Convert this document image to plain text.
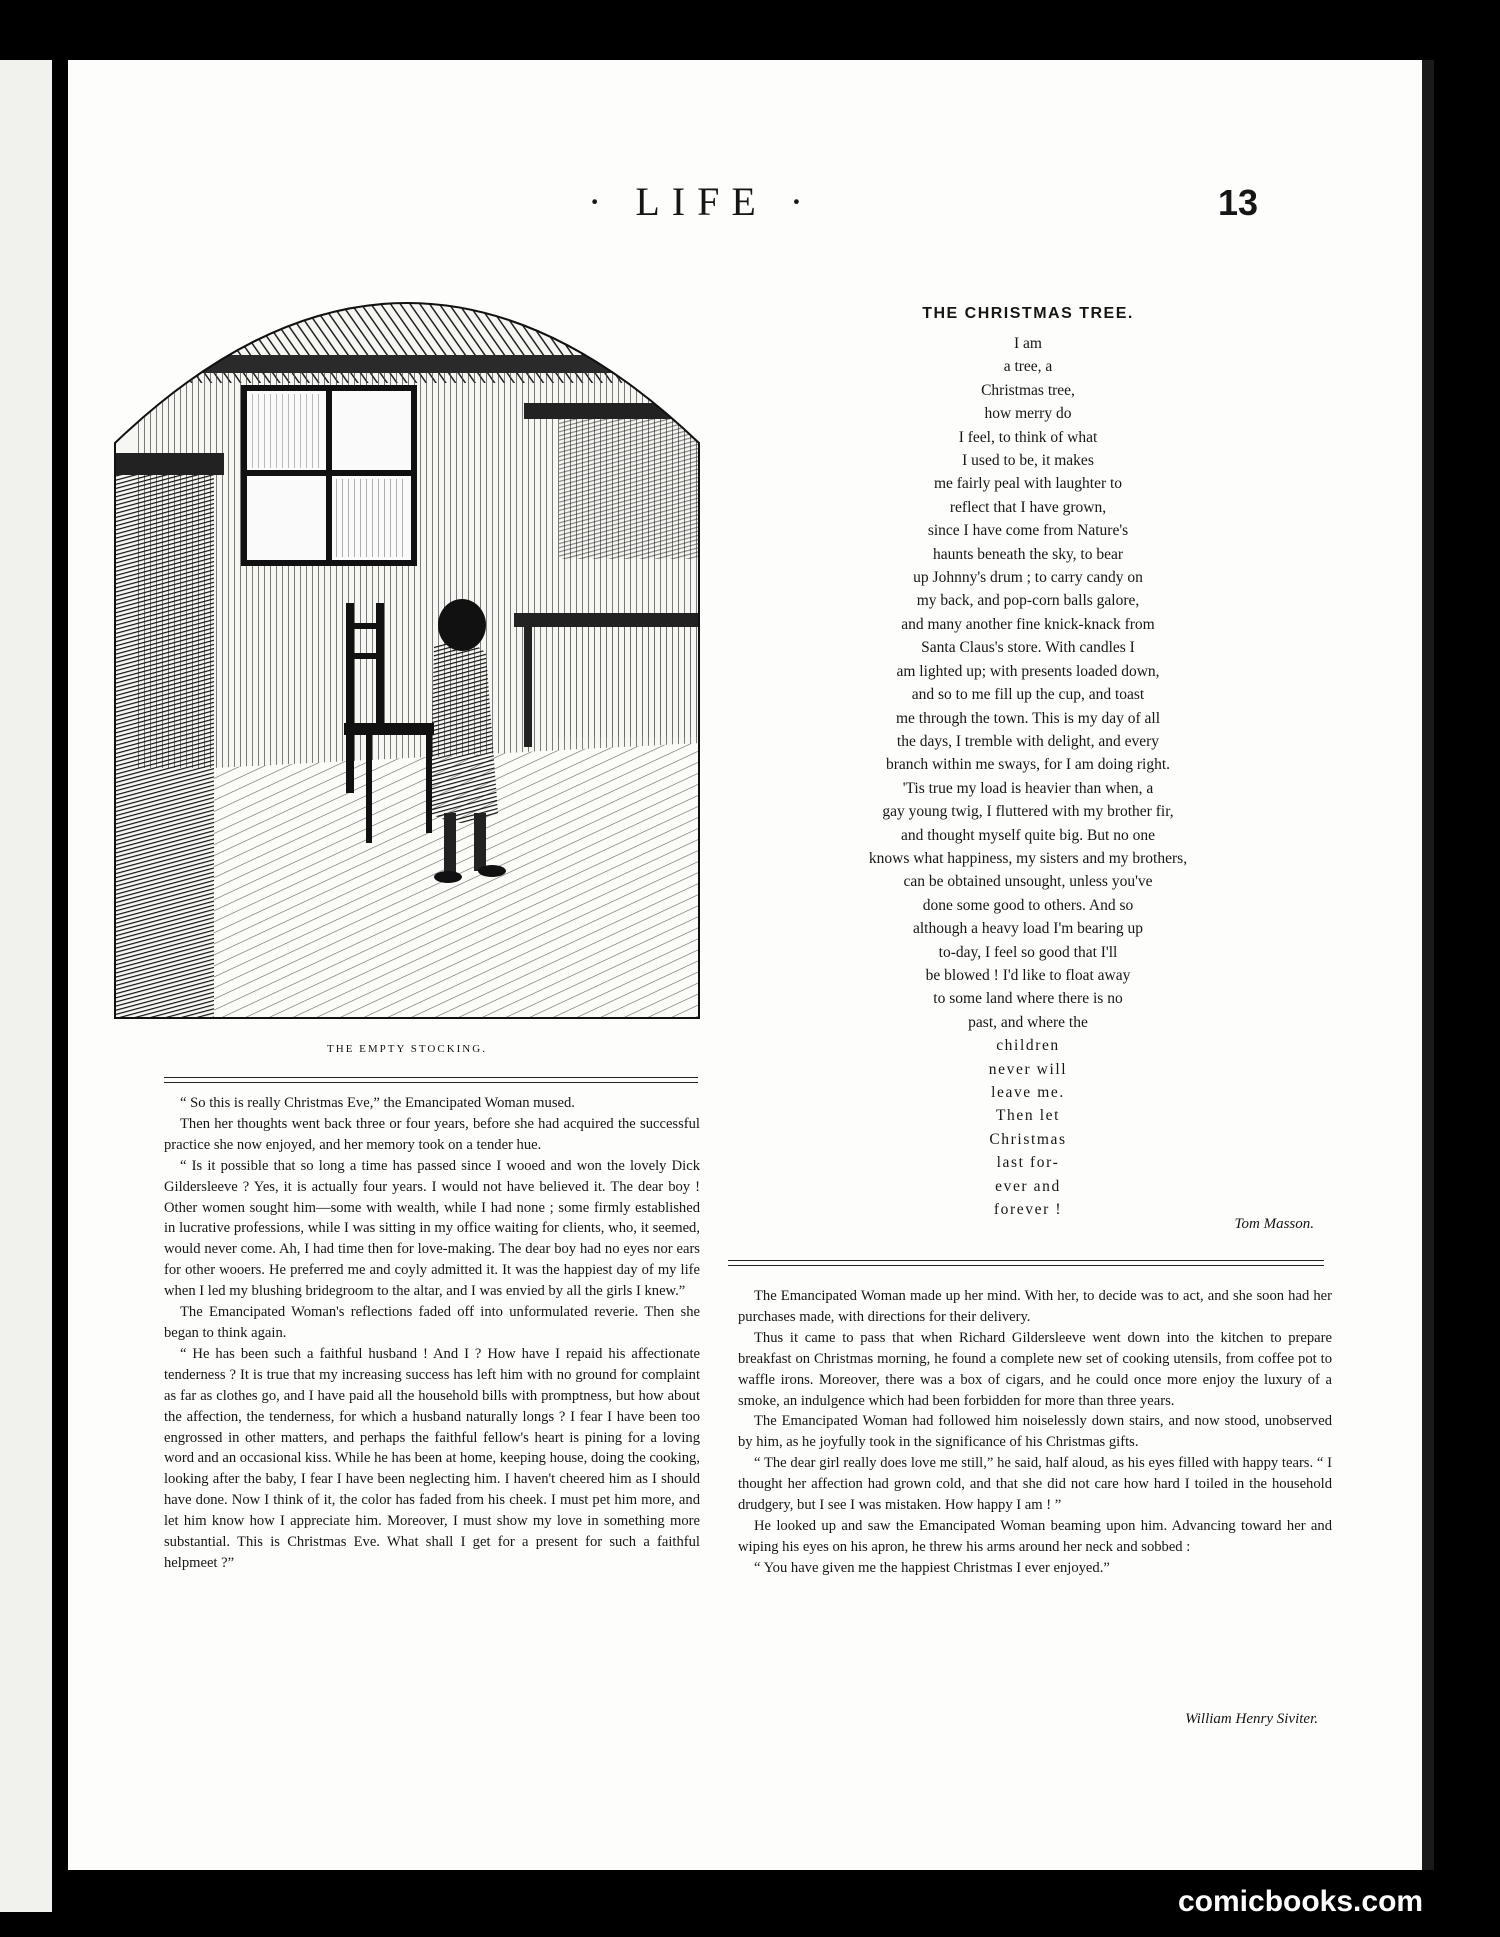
· LIFE ·	13
THE EMPTY STOCKING.
THE CHRISTMAS TREE.
I am
a tree, a
Christmas tree,
how merry do
I feel, to think of what
I used to be, it makes
me fairly peal with laughter to
reflect that I have grown,
since I have come from Nature's
haunts beneath the sky, to bear
up Johnny's drum ; to carry candy on
my back, and pop-corn balls galore,
and many another fine knick-knack from
Santa Claus's store. With candles I
am lighted up; with presents loaded down,
and so to me fill up the cup, and toast
me through the town. This is my day of all
the days, I tremble with delight, and every
branch within me sways, for I am doing right.
'Tis true my load is heavier than when, a
gay young twig, I fluttered with my brother fir,
and thought myself quite big. But no one
knows what happiness, my sisters and my brothers,
can be obtained unsought, unless you've
done some good to others. And so
although a heavy load I'm bearing up
to-day, I feel so good that I'll
be blowed ! I'd like to float away
to some land where there is no
past, and where the
children
never will
leave me.
Then let
Christmas
last for-
ever and
forever !
Tom Masson.

“ So this is really Christmas Eve,” the Emancipated Woman mused.

Then her thoughts went back three or four years, before she had acquired the successful practice she now enjoyed, and her memory took on a tender hue.

“ Is it possible that so long a time has passed since I wooed and won the lovely Dick Gildersleeve ? Yes, it is actually four years. I would not have believed it. The dear boy ! Other women sought him—some with wealth, while I had none ; some firmly established in lucrative professions, while I was sitting in my office waiting for clients, who, it seemed, would never come. Ah, I had time then for love-making. The dear boy had no eyes nor ears for other wooers. He preferred me and coyly admitted it. It was the happiest day of my life when I led my blushing bridegroom to the altar, and I was envied by all the girls I knew.”

The Emancipated Woman's reflections faded off into unformulated reverie. Then she began to think again.

“ He has been such a faithful husband ! And I ? How have I repaid his affectionate tenderness ? It is true that my increasing success has left him with no ground for complaint as far as clothes go, and I have paid all the household bills with promptness, but how about the affection, the tenderness, for which a husband naturally longs ? I fear I have been too engrossed in other matters, and perhaps the faithful fellow's heart is pining for a loving word and an occasional kiss. While he has been at home, keeping house, doing the cooking, looking after the baby, I fear I have been neglecting him. I haven't cheered him as I should have done. Now I think of it, the color has faded from his cheek. I must pet him more, and let him know how I appreciate him. Moreover, I must show my love in something more substantial. This is Christmas Eve. What shall I get for a present for such a faithful helpmeet ?”

The Emancipated Woman made up her mind. With her, to decide was to act, and she soon had her purchases made, with directions for their delivery.

Thus it came to pass that when Richard Gildersleeve went down into the kitchen to prepare breakfast on Christmas morning, he found a complete new set of cooking utensils, from coffee pot to waffle irons. Moreover, there was a box of cigars, and he could once more enjoy the luxury of a smoke, an indulgence which had been forbidden for more than three years.

The Emancipated Woman had followed him noiselessly down stairs, and now stood, unobserved by him, as he joyfully took in the significance of his Christmas gifts.

“ The dear girl really does love me still,” he said, half aloud, as his eyes filled with happy tears. “ I thought her affection had grown cold, and that she did not care how hard I toiled in the household drudgery, but I see I was mistaken. How happy I am ! ”

He looked up and saw the Emancipated Woman beaming upon him. Advancing toward her and wiping his eyes on his apron, he threw his arms around her neck and sobbed :

“ You have given me the happiest Christmas I ever enjoyed.”

William Henry Siviter.
comicbooks.com
